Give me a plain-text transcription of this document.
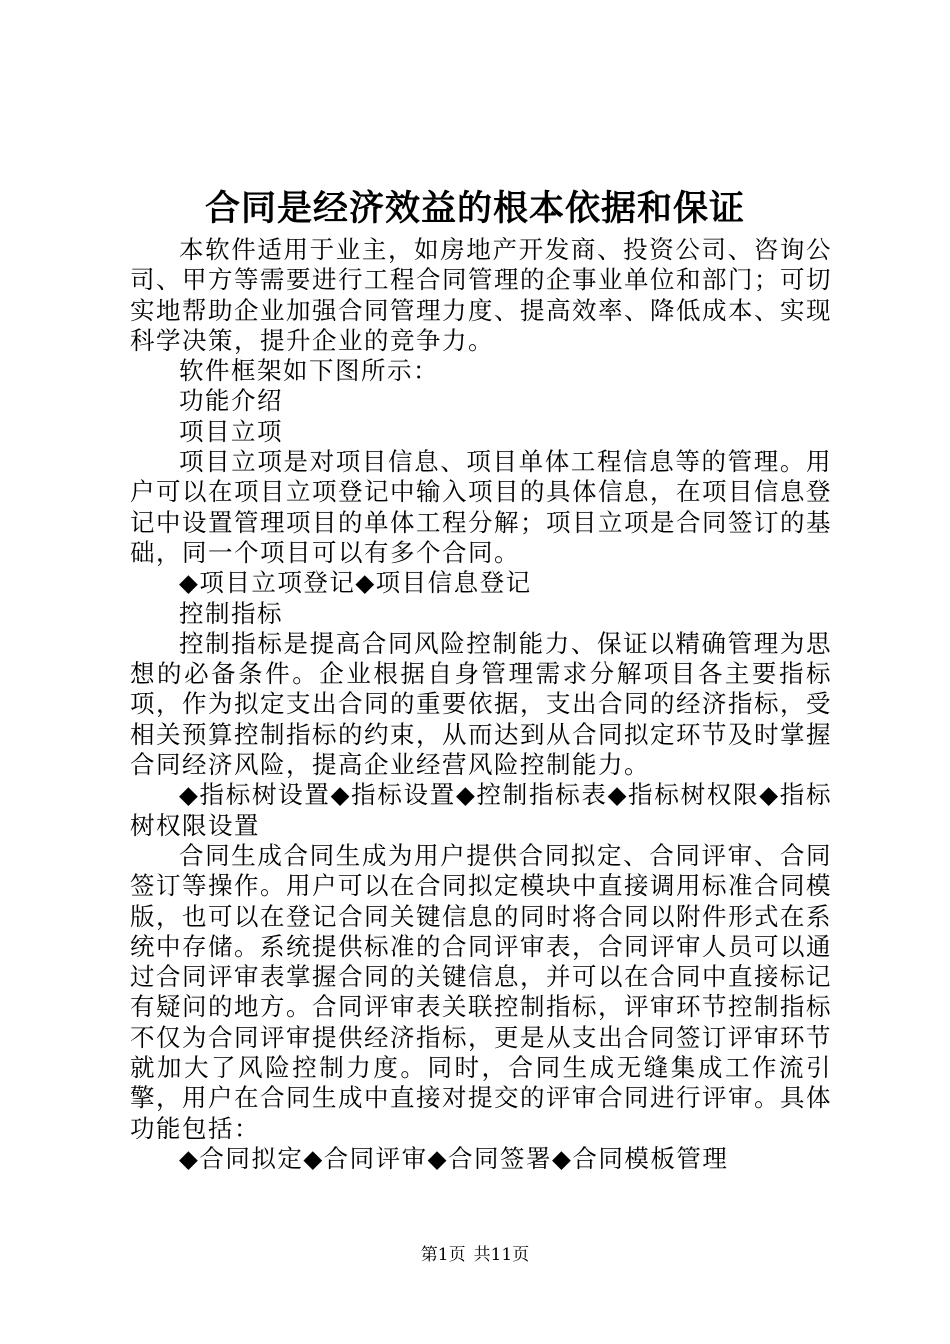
合同是经济效益的根本依据和保证

本软件适用于业主，如房地产开发商、投资公司、咨询公司、甲方等需要进行工程合同管理的企事业单位和部门；可切实地帮助企业加强合同管理力度、提高效率、降低成本、实现科学决策，提升企业的竞争力。

软件框架如下图所示：

功能介绍

项目立项

项目立项是对项目信息、项目单体工程信息等的管理。用户可以在项目立项登记中输入项目的具体信息，在项目信息登记中设置管理项目的单体工程分解；项目立项是合同签订的基础，同一个项目可以有多个合同。

◆项目立项登记◆项目信息登记

控制指标

控制指标是提高合同风险控制能力、保证以精确管理为思想的必备条件。企业根据自身管理需求分解项目各主要指标项，作为拟定支出合同的重要依据，支出合同的经济指标，受相关预算控制指标的约束，从而达到从合同拟定环节及时掌握合同经济风险，提高企业经营风险控制能力。

◆指标树设置◆指标设置◆控制指标表◆指标树权限◆指标树权限设置

合同生成合同生成为用户提供合同拟定、合同评审、合同签订等操作。用户可以在合同拟定模块中直接调用标准合同模版，也可以在登记合同关键信息的同时将合同以附件形式在系统中存储。系统提供标准的合同评审表，合同评审人员可以通过合同评审表掌握合同的关键信息，并可以在合同中直接标记有疑问的地方。合同评审表关联控制指标，评审环节控制指标不仅为合同评审提供经济指标，更是从支出合同签订评审环节就加大了风险控制力度。同时，合同生成无缝集成工作流引擎，用户在合同生成中直接对提交的评审合同进行评审。具体功能包括：

◆合同拟定◆合同评审◆合同签署◆合同模板管理

第1页 共11页
